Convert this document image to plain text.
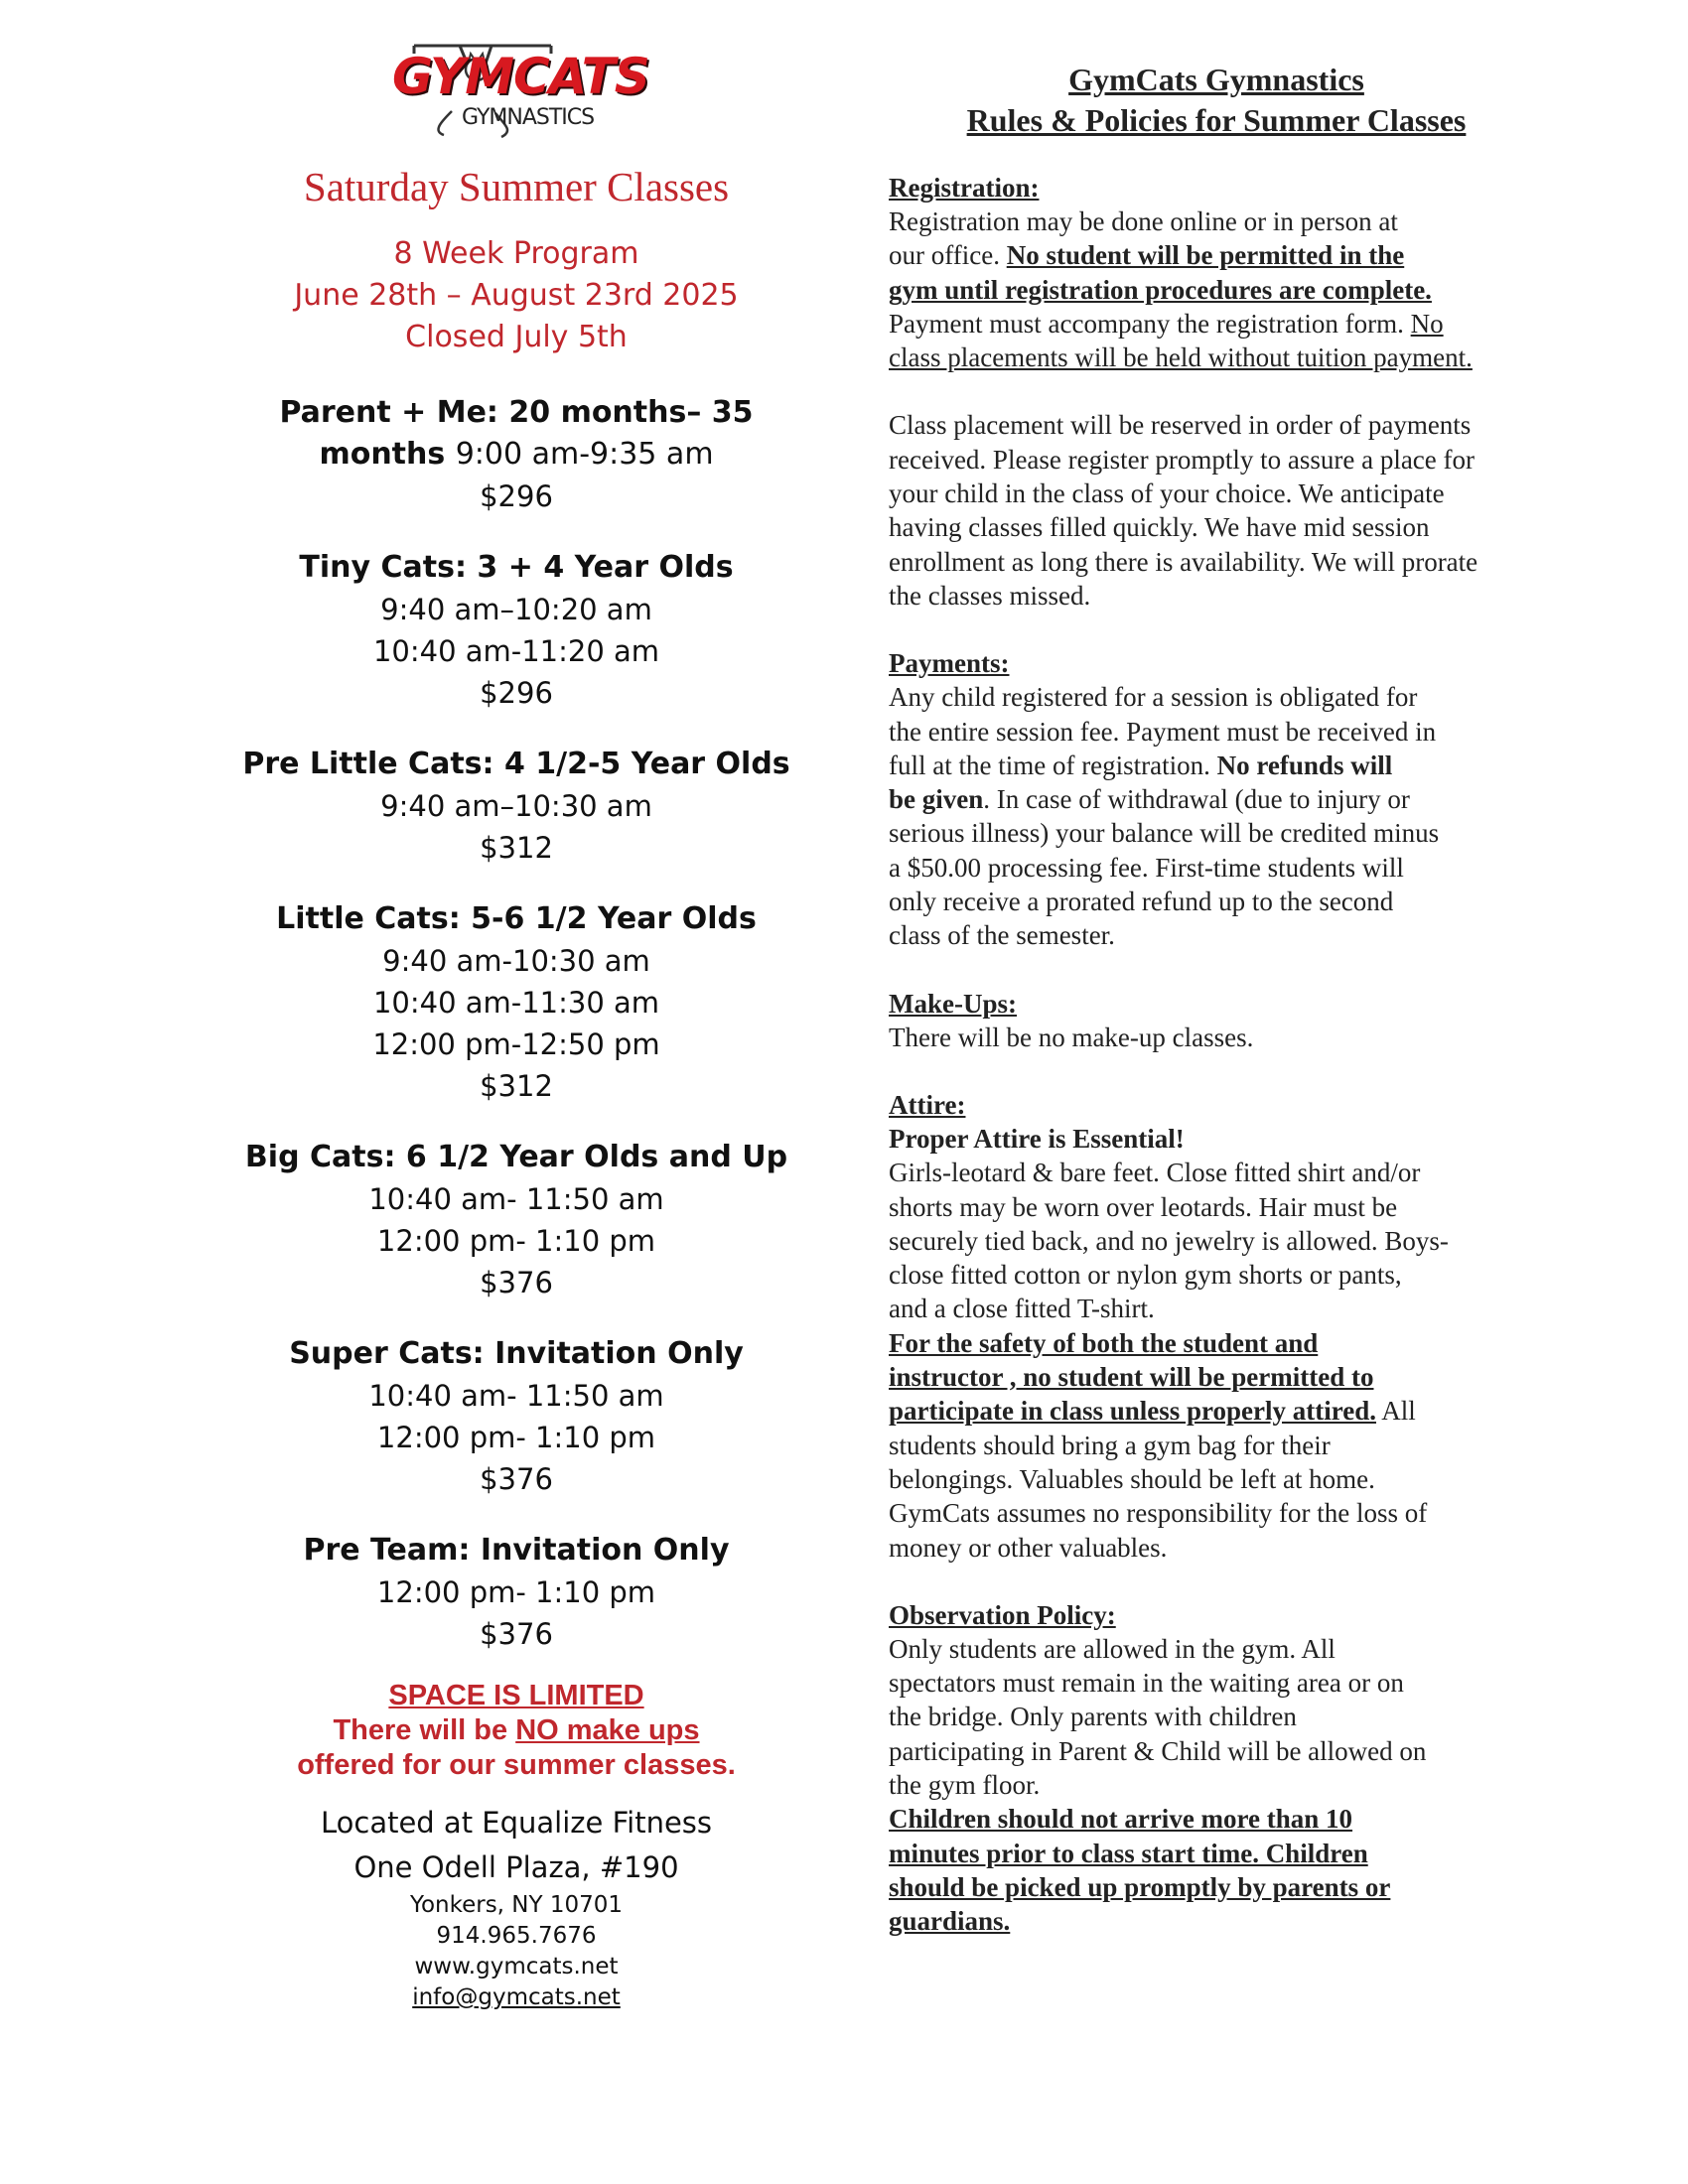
GYMCATS
GYMNASTICS
Saturday Summer Classes
8 Week Program
June 28th – August 23rd 2025
Closed July 5th
Parent + Me: 20 months– 35
months 9:00 am-9:35 am
$296
Tiny Cats: 3 + 4 Year Olds
9:40 am–10:20 am
10:40 am-11:20 am
$296
Pre Little Cats: 4 1/2-5 Year Olds
9:40 am–10:30 am
$312
Little Cats: 5-6 1/2 Year Olds
9:40 am-10:30 am
10:40 am-11:30 am
12:00 pm-12:50 pm
$312
Big Cats: 6 1/2 Year Olds and Up
10:40 am- 11:50 am
12:00 pm- 1:10 pm
$376
Super Cats: Invitation Only
10:40 am- 11:50 am
12:00 pm- 1:10 pm
$376
Pre Team: Invitation Only
12:00 pm- 1:10 pm
$376
SPACE IS LIMITED
There will be NO make ups
offered for our summer classes.
Located at Equalize Fitness
One Odell Plaza, #190
Yonkers, NY 10701
914.965.7676
www.gymcats.net
info@gymcats.net
GymCats Gymnastics
Rules & Policies for Summer Classes
Registration:

Registration may be done online or in person at

our office. No student will be permitted in the

gym until registration procedures are complete.

Payment must accompany the registration form. No

class placements will be held without tuition payment.

Class placement will be reserved in order of payments

received. Please register promptly to assure a place for

your child in the class of your choice. We anticipate

having classes filled quickly. We have mid session

enrollment as long there is availability. We will prorate

the classes missed.

Payments:

Any child registered for a session is obligated for

the entire session fee. Payment must be received in

full at the time of registration. No refunds will

be given. In case of withdrawal (due to injury or

serious illness) your balance will be credited minus

a $50.00 processing fee. First-time students will

only receive a prorated refund up to the second

class of the semester.

Make-Ups:

There will be no make-up classes.

Attire:

Proper Attire is Essential!

Girls-leotard & bare feet. Close fitted shirt and/or

shorts may be worn over leotards. Hair must be

securely tied back, and no jewelry is allowed. Boys-

close fitted cotton or nylon gym shorts or pants,

and a close fitted T-shirt.

For the safety of both the student and

instructor , no student will be permitted to

participate in class unless properly attired. All

students should bring a gym bag for their

belongings. Valuables should be left at home.

GymCats assumes no responsibility for the loss of

money or other valuables.

Observation Policy:

Only students are allowed in the gym. All

spectators must remain in the waiting area or on

the bridge. Only parents with children

participating in Parent & Child will be allowed on

the gym floor.

Children should not arrive more than 10

minutes prior to class start time. Children

should be picked up promptly by parents or

guardians.
